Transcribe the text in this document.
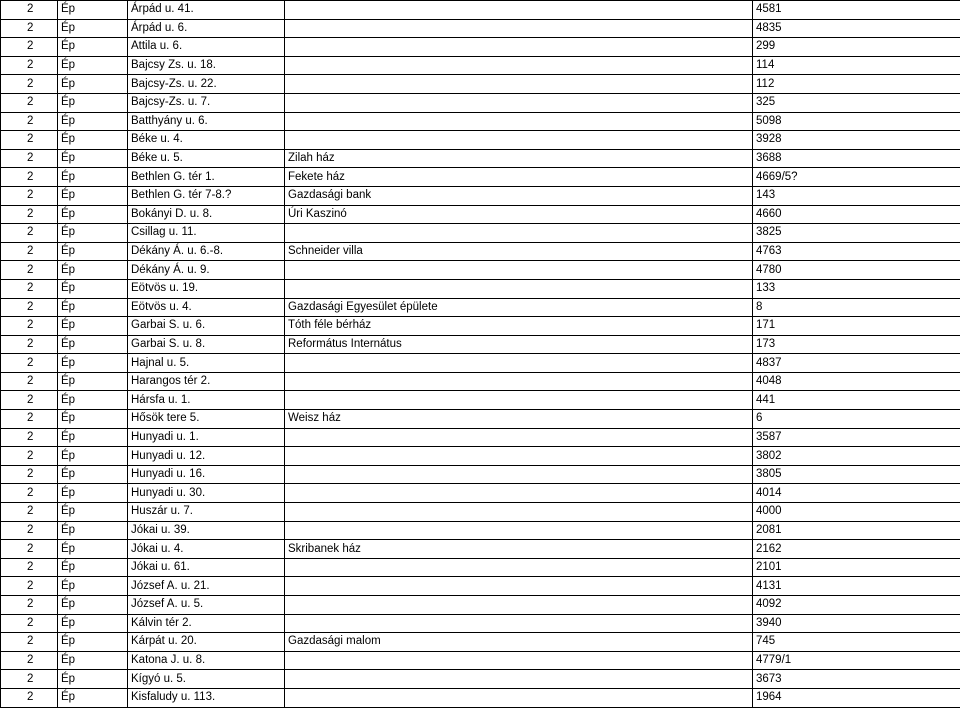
2	Ép	Árpád u. 41.		4581
2	Ép	Árpád u. 6.		4835
2	Ép	Attila u. 6.		299
2	Ép	Bajcsy Zs. u. 18.		114
2	Ép	Bajcsy-Zs. u. 22.		112
2	Ép	Bajcsy-Zs. u. 7.		325
2	Ép	Batthyány u. 6.		5098
2	Ép	Béke u. 4.		3928
2	Ép	Béke u. 5.	Zilah ház	3688
2	Ép	Bethlen G. tér 1.	Fekete ház	4669/5?
2	Ép	Bethlen G. tér 7-8.?	Gazdasági bank	143
2	Ép	Bokányi D. u. 8.	Úri Kaszinó	4660
2	Ép	Csillag u. 11.		3825
2	Ép	Dékány Á. u. 6.-8.	Schneider villa	4763
2	Ép	Dékány Á. u. 9.		4780
2	Ép	Eötvös u. 19.		133
2	Ép	Eötvös u. 4.	Gazdasági Egyesület épülete	8
2	Ép	Garbai S. u. 6.	Tóth féle bérház	171
2	Ép	Garbai S. u. 8.	Református Internátus	173
2	Ép	Hajnal u. 5.		4837
2	Ép	Harangos tér 2.		4048
2	Ép	Hársfa u. 1.		441
2	Ép	Hősök tere 5.	Weisz ház	6
2	Ép	Hunyadi u. 1.		3587
2	Ép	Hunyadi u. 12.		3802
2	Ép	Hunyadi u. 16.		3805
2	Ép	Hunyadi u. 30.		4014
2	Ép	Huszár u. 7.		4000
2	Ép	Jókai u. 39.		2081
2	Ép	Jókai u. 4.	Skribanek ház	2162
2	Ép	Jókai u. 61.		2101
2	Ép	József A. u. 21.		4131
2	Ép	József A. u. 5.		4092
2	Ép	Kálvin tér 2.		3940
2	Ép	Kárpát u. 20.	Gazdasági malom	745
2	Ép	Katona J. u. 8.		4779/1
2	Ép	Kígyó u. 5.		3673
2	Ép	Kisfaludy u. 113.		1964
